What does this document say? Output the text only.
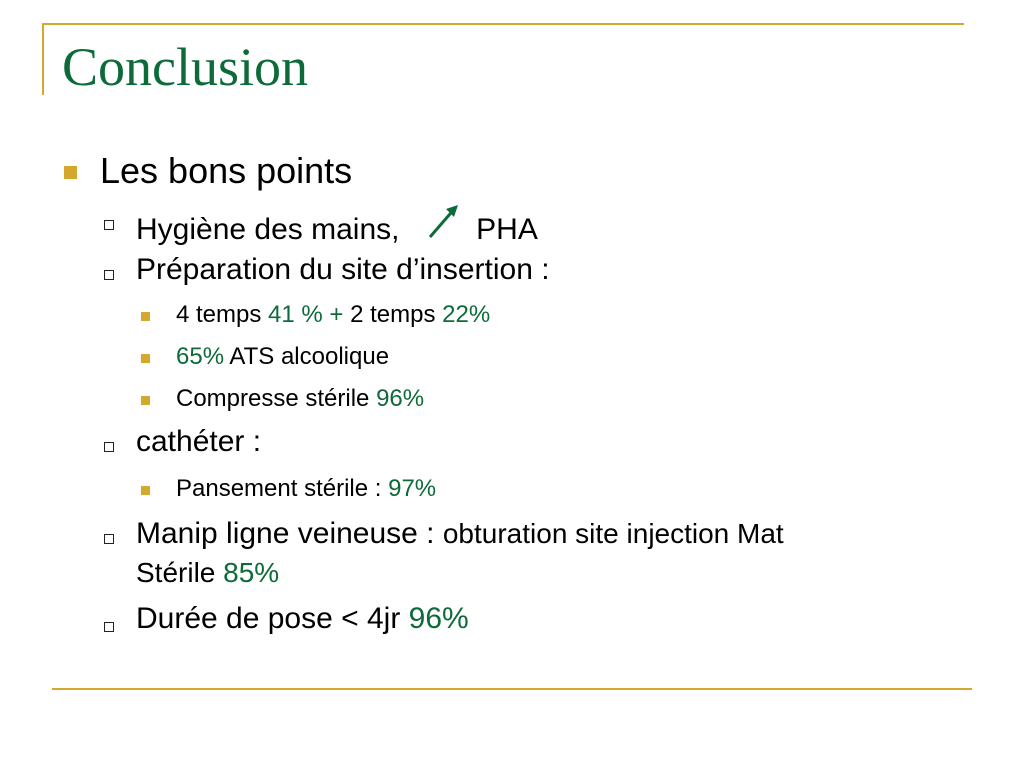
Conclusion
Les bons points
Hygiène des mains,	PHA
Préparation du site d’insertion :
4 temps 41 % + 2 temps 22%
65% ATS alcoolique
Compresse stérile 96%
cathéter :
Pansement stérile : 97%
Manip ligne veineuse : obturation site injection Mat
Stérile 85%
Durée de pose < 4jr 96%
